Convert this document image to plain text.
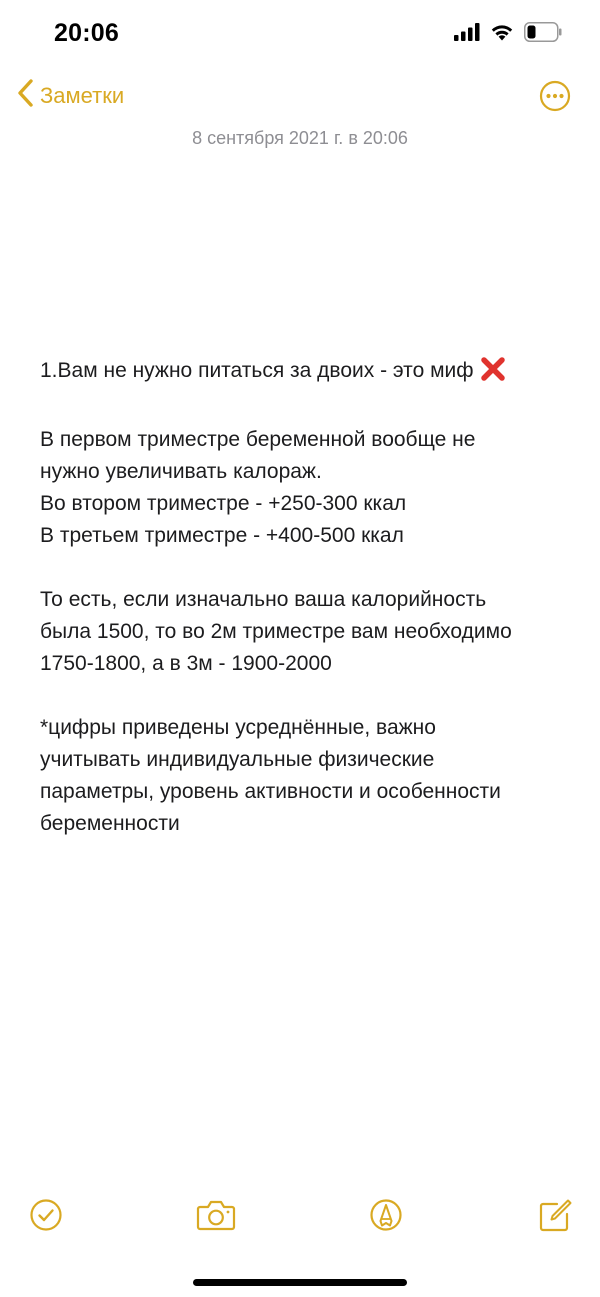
20:06
Заметки
8 сентября 2021 г. в 20:06

1.Вам не нужно питаться за двоих - это миф

В первом триместре беременной вообще не
нужно увеличивать калораж.
Во втором триместре - +250-300 ккал
В третьем триместре - +400-500 ккал

То есть, если изначально ваша калорийность
была 1500, то во 2м триместре вам необходимо
1750-1800, а в 3м - 1900-2000

*цифры приведены усреднённые, важно
учитывать индивидуальные физические
параметры, уровень активности и особенности
беременности
